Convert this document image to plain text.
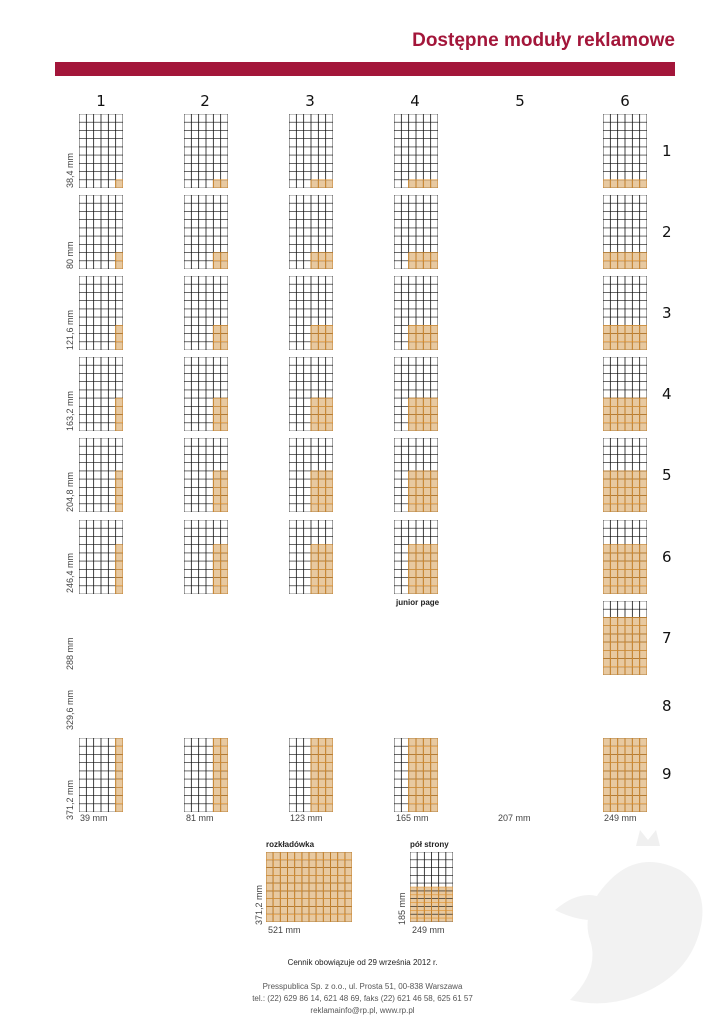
Dostępne moduły reklamowe
1	2	3	4	5	6
1
2
3
4
5
6
7
8
9
38,4 mm
80 mm
121,6 mm
163,2 mm
204,8 mm
246,4 mm
288 mm
329,6 mm
371,2 mm 39 mm	81 mm	123 mm	165 mm	207 mm	249 mm
junior page
rozkładówka
371,2 mm
521 mm
pół strony
185 mm
249 mm
Cennik obowiązuje od 29 września 2012 r.
Presspublica Sp. z o.o., ul. Prosta 51, 00-838 Warszawa
tel.: (22) 629 86 14, 621 48 69, faks (22) 621 46 58, 625 61 57
reklamainfo@rp.pl, www.rp.pl
